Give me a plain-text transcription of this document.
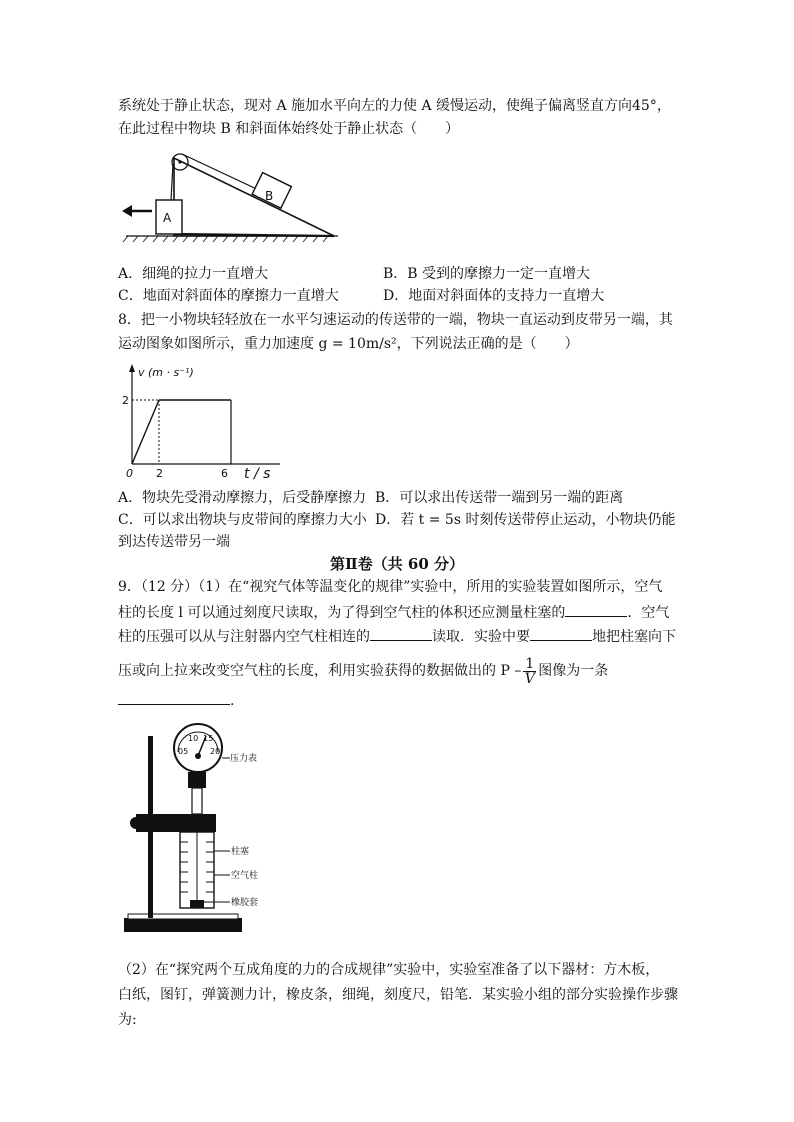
系统处于静止状态，现对 A 施加水平向左的力使 A 缓慢运动，使绳子偏离竖直方向45°，
在此过程中物块 B 和斜面体始终处于静止状态（　　）
B
A
A．细绳的拉力一直增大	B．B 受到的摩擦力一定一直增大
C．地面对斜面体的摩擦力一直增大	D．地面对斜面体的支持力一直增大
8．把一小物块轻轻放在一水平匀速运动的传送带的一端，物块一直运动到皮带另一端，其
运动图象如图所示，重力加速度 g = 10m/s²，下列说法正确的是（　　）
v (m · s⁻¹)
2
0 2	6 t / s
A．物块先受滑动摩擦力，后受静摩擦力 B．可以求出传送带一端到另一端的距离
C．可以求出物块与皮带间的摩擦力大小 D．若 t = 5s 时刻传送带停止运动，小物块仍能
到达传送带另一端
第Ⅱ卷（共 60 分）
9．（12 分）（1）在“视究气体等温变化的规律”实验中，所用的实验装置如图所示，空气
柱的长度 l 可以通过刻度尺读取，为了得到空气柱的体积还应测量柱塞的	．空气
柱的压强可以从与注射器内空气柱相连的	读取．实验中要	地把柱塞向下
压或向上拉来改变空气柱的长度，利用实验获得的数据做出的 P – $\frac{1}{V}$ 图像为一条
.
05
10 15
20
压力表
柱塞
空气柱
橡胶套
（2）在“探究两个互成角度的力的合成规律”实验中，实验室准备了以下器材：方木板，
白纸，图钉，弹簧测力计，橡皮条，细绳，刻度尺，铅笔．某实验小组的部分实验操作步骤
为:
